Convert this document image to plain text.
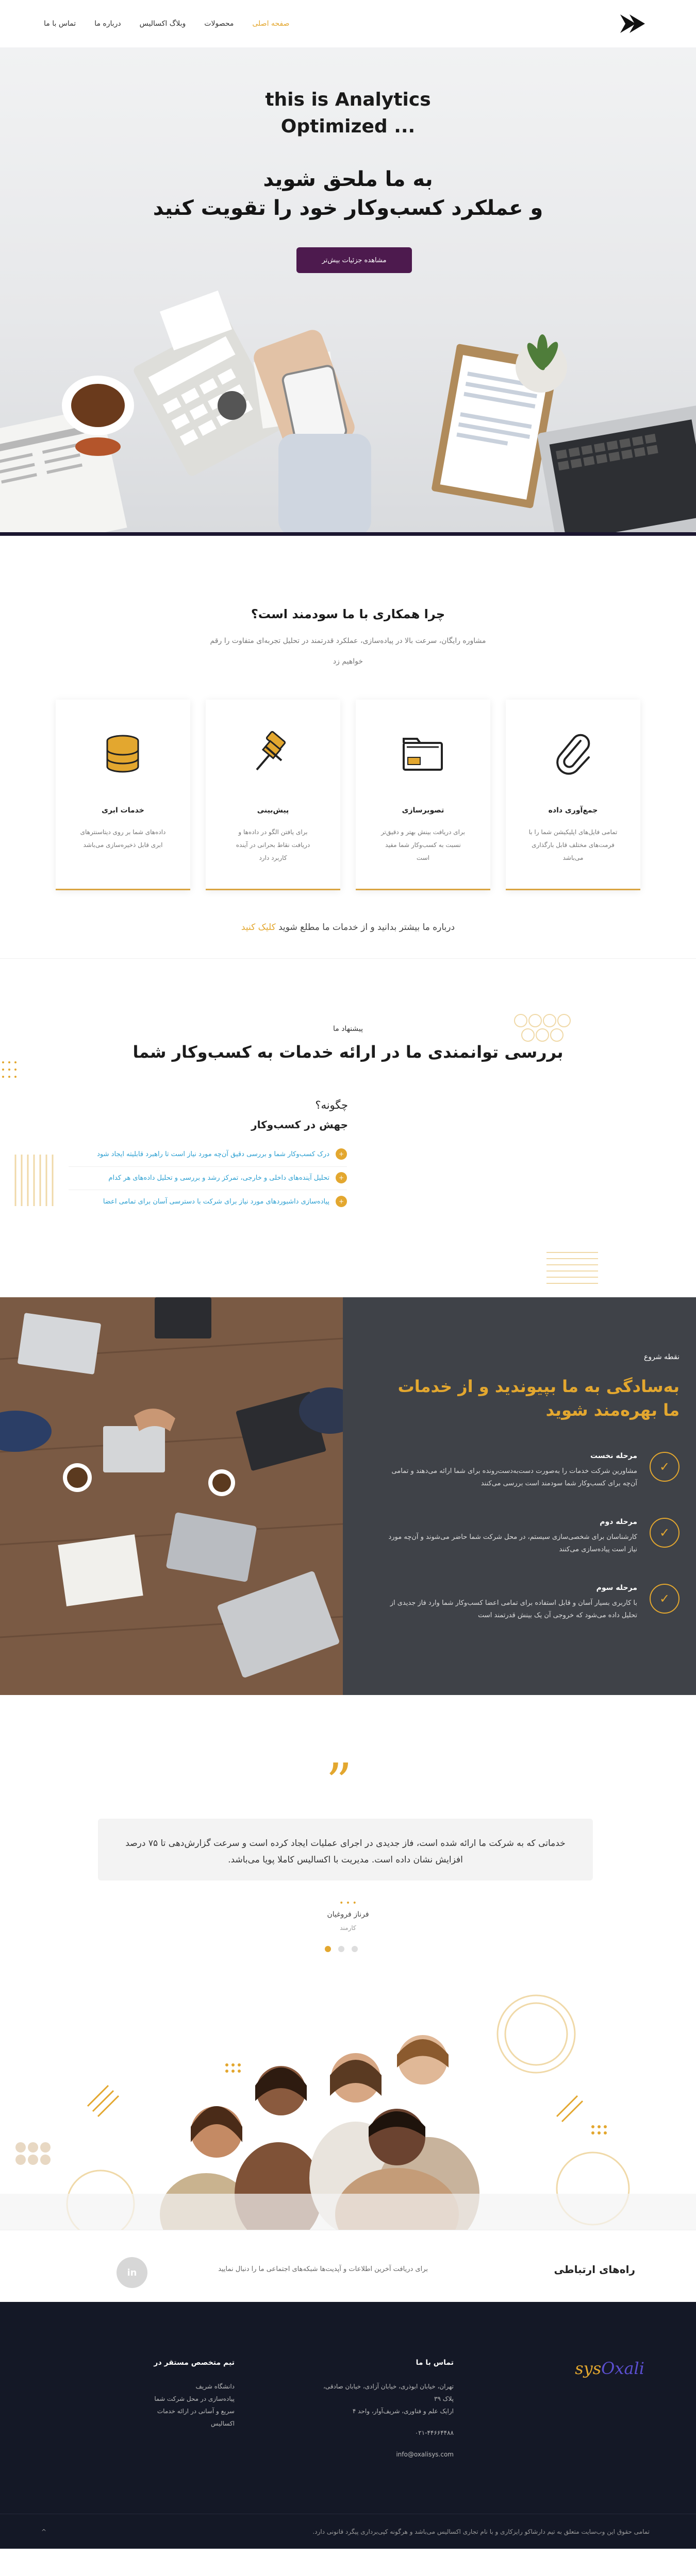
صفحه اصلی
محصولات
وبلاگ اکسالیس
درباره ما
تماس با ما
this is Analytics
Optimized ...
به ما ملحق شوید
و عملکرد کسب‌وکار خود را تقویت کنید
مشاهده جزئیات بیش‌تر
چرا همکاری با ما سودمند است؟

مشاوره رایگان، سرعت بالا در پیاده‌سازی، عملکرد قدرتمند در تحلیل تجربه‌ای متفاوت را رقم خواهیم زد

جمع‌آوری داده

تمامی فایل‌های اپلیکیشن شما را با فرمت‌های مختلف قابل بارگذاری می‌باشد

تصویرسازی

برای دریافت بینش بهتر و دقیق‌تر نسبت به کسب‌وکار شما مفید است

پیش‌بینی

برای یافتن الگو در داده‌ها و دریافت نقاط بحرانی در آینده کاربرد دارد

خدمات ابری

داده‌های شما بر روی دیتاسنترهای ابری قابل ذخیره‌سازی می‌باشد

درباره ما بیشتر بدانید و از خدمات ما مطلع شوید کلیک کنید
پیشنهاد ما
بررسی توانمندی ما در ارائه خدمات به کسب‌وکار شما
چگونه؟
جهش در کسب‌وکار
+
درک کسب‌وکار شما و بررسی دقیق آن‌چه مورد نیاز است تا راهبرد قابلیته ایجاد شود
+
تحلیل آینده‌های داخلی و خارجی، تمرکز رشد و بررسی و تحلیل داده‌های هر کدام
+
پیاده‌سازی داشبوردهای مورد نیاز برای شرکت با دسترسی آسان برای تمامی اعضا
نقطه شروع
به‌سادگی به ما بپیوندید و از خدمات ما بهره‌مند شوید
✓
مرحله نخست

مشاورین شرکت خدمات را به‌صورت دست‌به‌دست‌رونده برای شما ارائه می‌دهند و تمامی آن‌چه برای کسب‌وکار شما سودمند است بررسی می‌کنند

✓
مرحله دوم

کارشناسان برای شخصی‌سازی سیستم، در محل شرکت شما حاضر می‌شوند و آن‌چه مورد نیاز است پیاده‌سازی می‌کنند

✓
مرحله سوم

با کاربری بسیار آسان و قابل استفاده برای تمامی اعضا کسب‌وکار شما وارد فاز جدیدی از تحلیل داده می‌شود که خروجی آن یک بینش قدرتمند است

”
خدماتی که به شرکت ما ارائه شده است، فاز جدیدی در اجرای عملیات ایجاد کرده است و سرعت گزارش‌دهی تا ۷۵ درصد افزایش نشان داده است. مدیریت با اکسالیس کاملا پویا می‌باشد.
• • •
فرناز فروغیان
کارمند
راه‌های ارتباطی

برای دریافت آخرین اطلاعات و آپدیت‌ها شبکه‌های اجتماعی ما را دنبال نمایید

in
sysOxali
تماس با ما
تهران، خیابان ابوذری، خیابان آزادی، خیابان صادقی، پلاک ۳۹
ارایک علم و فناوری، شریف‌آوار، واحد ۴
۰۲۱-۴۴۶۶۴۴۸۸
info@oxalisys.com
تیم متخصص مستقر در
دانشگاه شریف
پیاده‌سازی در محل شرکت شما
سریع و آسانی در ارائه خدمات
اکسالیس
تمامی حقوق این وب‌سایت متعلق به تیم دارشاکو رایزکاری و با نام تجاری اکسالیس می‌باشد و هرگونه کپی‌برداری پیگرد قانونی دارد.
^
